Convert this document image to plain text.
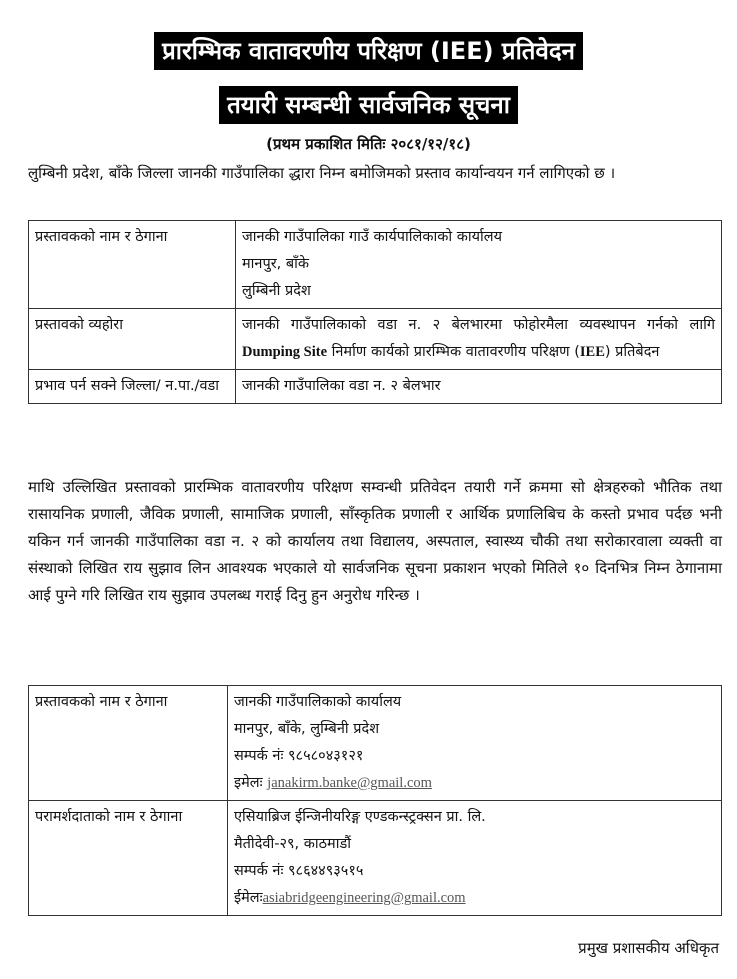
प्रारम्भिक वातावरणीय परिक्षण (IEE) प्रतिवेदन
तयारी सम्बन्धी सार्वजनिक सूचना
(प्रथम प्रकाशित मितिः २०८१/१२/१८)
लुम्बिनी प्रदेश, बाँके जिल्ला जानकी गाउँपालिका द्धारा निम्न बमोजिमको प्रस्ताव कार्यान्वयन गर्न लागिएको छ ।
प्रस्तावकको नाम र ठेगाना	जानकी गाउँपालिका गाउँ कार्यपालिकाको कार्यालय
मानपुर, बाँके
लुम्बिनी प्रदेश

प्रस्तावको व्यहोरा	जानकी गाउँपालिकाको वडा न. २ बेलभारमा फोहोरमैला व्यवस्थापन गर्नको लागि Dumping Site निर्माण कार्यको प्रारम्भिक वातावरणीय परिक्षण (IEE) प्रतिबेदन
प्रभाव पर्न सक्ने जिल्ला/ न.पा./वडा	जानकी गाउँपालिका वडा न. २ बेलभार
माथि उल्लिखित प्रस्तावको प्रारम्भिक वातावरणीय परिक्षण सम्वन्धी प्रतिवेदन तयारी गर्ने क्रममा सो क्षेत्रहरुको भौतिक तथा रासायनिक प्रणाली, जैविक प्रणाली, सामाजिक प्रणाली, साँस्कृतिक प्रणाली र आर्थिक प्रणालिबिच के कस्तो प्रभाव पर्दछ भनी यकिन गर्न जानकी गाउँपालिका वडा न. २ को कार्यालय तथा विद्यालय, अस्पताल, स्वास्थ्य चौकी तथा सरोकारवाला व्यक्ती वा संस्थाको लिखित राय सुझाव लिन आवश्यक भएकाले यो सार्वजनिक सूचना प्रकाशन भएको मितिले १० दिनभित्र निम्न ठेगानामा आई पुग्ने गरि लिखित राय सुझाव उपलब्ध गराई दिनु हुन अनुरोध गरिन्छ ।
प्रस्तावकको नाम र ठेगाना	जानकी गाउँपालिकाको कार्यालय
मानपुर, बाँके, लुम्बिनी प्रदेश
सम्पर्क नंः ९८५८०४३१२१
इमेलः janakirm.banke@gmail.com

परामर्शदाताको नाम र ठेगाना	एसियाब्रिज ईन्जिनीयरिङ्ग एण्डकन्स्ट्रक्सन प्रा. लि.
मैतीदेवी-२९, काठमाडौं
सम्पर्क नंः ९८६४४९३५१५
ईमेलःasiabridgeengineering@gmail.com
प्रमुख प्रशासकीय अधिकृत
